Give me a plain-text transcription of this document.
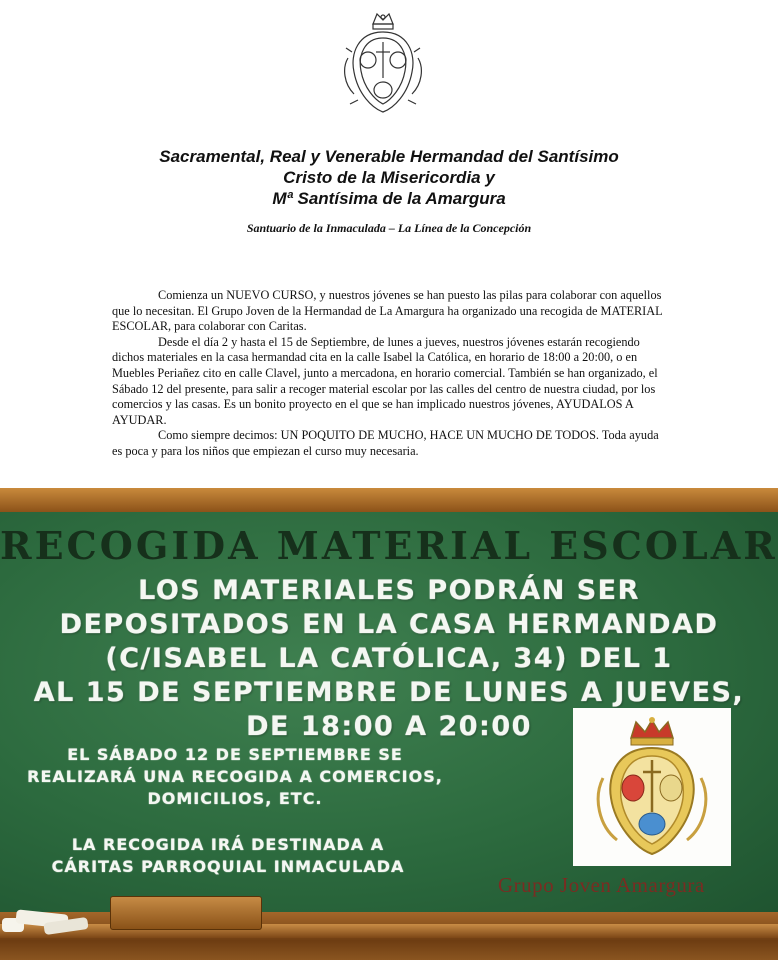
Sacramental, Real y Venerable Hermandad del Santísimo
Cristo de la Misericordia y
Mª Santísima de la Amargura
Santuario de la Inmaculada – La Línea de la Concepción

Comienza un NUEVO CURSO, y nuestros jóvenes se han puesto las pilas para colaborar con aquellos que lo necesitan. El Grupo Joven de la Hermandad de La Amargura ha organizado una recogida de MATERIAL ESCOLAR, para colaborar con Caritas.

Desde el día 2 y hasta el 15 de Septiembre, de lunes a jueves, nuestros jóvenes estarán recogiendo dichos materiales en la casa hermandad cita en la calle Isabel la Católica, en horario de 18:00 a 20:00, o en Muebles Periañez cito en calle Clavel, junto a mercadona, en horario comercial. También se han organizado, el Sábado 12 del presente, para salir a recoger material escolar por las calles del centro de nuestra ciudad, por los comercios y las casas. Es un bonito proyecto en el que se han implicado nuestros jóvenes, AYUDALOS A AYUDAR.

Como siempre decimos: UN POQUITO DE MUCHO, HACE UN MUCHO DE TODOS. Toda ayuda es poca y para los niños que empiezan el curso muy necesaria.

RECOGIDA MATERIAL ESCOLAR
LOS MATERIALES PODRÁN SER
DEPOSITADOS EN LA CASA HERMANDAD
(C/ISABEL LA CATÓLICA, 34) DEL 1
AL 15 DE SEPTIEMBRE DE LUNES A JUEVES,
DE 18:00 A 20:00
EL SÁBADO 12 DE SEPTIEMBRE SE
REALIZARÁ UNA RECOGIDA A COMERCIOS,
DOMICILIOS, ETC.
LA RECOGIDA IRÁ DESTINADA A
CÁRITAS PARROQUIAL INMACULADA
Grupo Joven Amargura
